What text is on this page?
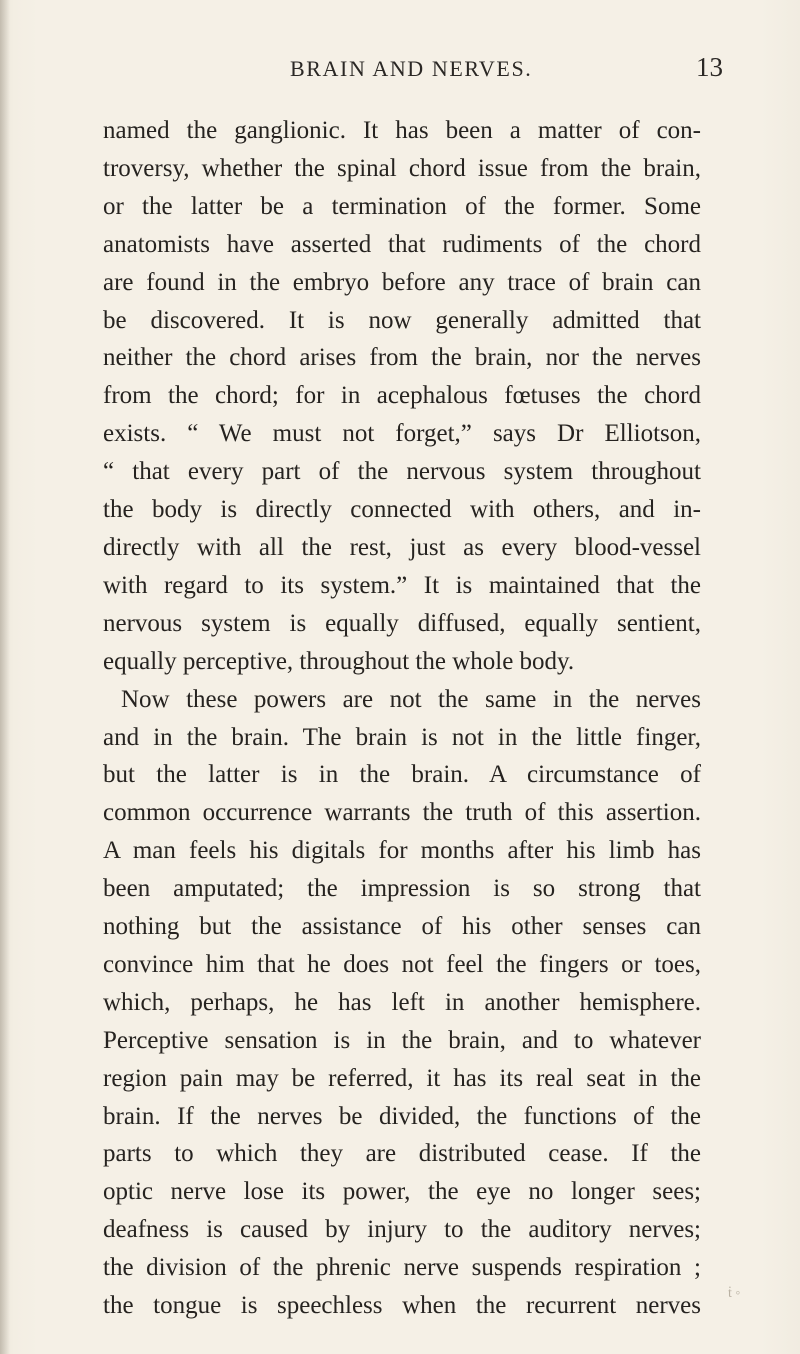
BRAIN AND NERVES.	13
named the ganglionic. It has been a matter of con-
troversy, whether the spinal chord issue from the brain,
or the latter be a termination of the former. Some
anatomists have asserted that rudiments of the chord
are found in the embryo before any trace of brain can
be discovered. It is now generally admitted that
neither the chord arises from the brain, nor the nerves
from the chord; for in acephalous fœtuses the chord
exists. “ We must not forget,” says Dr Elliotson,
“ that every part of the nervous system throughout
the body is directly connected with others, and in-
directly with all the rest, just as every blood-vessel
with regard to its system.” It is maintained that the
nervous system is equally diffused, equally sentient,
equally perceptive, throughout the whole body.
Now these powers are not the same in the nerves
and in the brain. The brain is not in the little finger,
but the latter is in the brain. A circumstance of
common occurrence warrants the truth of this assertion.
A man feels his digitals for months after his limb has
been amputated; the impression is so strong that
nothing but the assistance of his other senses can
convince him that he does not feel the fingers or toes,
which, perhaps, he has left in another hemisphere.
Perceptive sensation is in the brain, and to whatever
region pain may be referred, it has its real seat in the
brain. If the nerves be divided, the functions of the
parts to which they are distributed cease. If the
optic nerve lose its power, the eye no longer sees;
deafness is caused by injury to the auditory nerves;
the division of the phrenic nerve suspends respiration ;
the tongue is speechless when the recurrent nerves ṫ ◦
